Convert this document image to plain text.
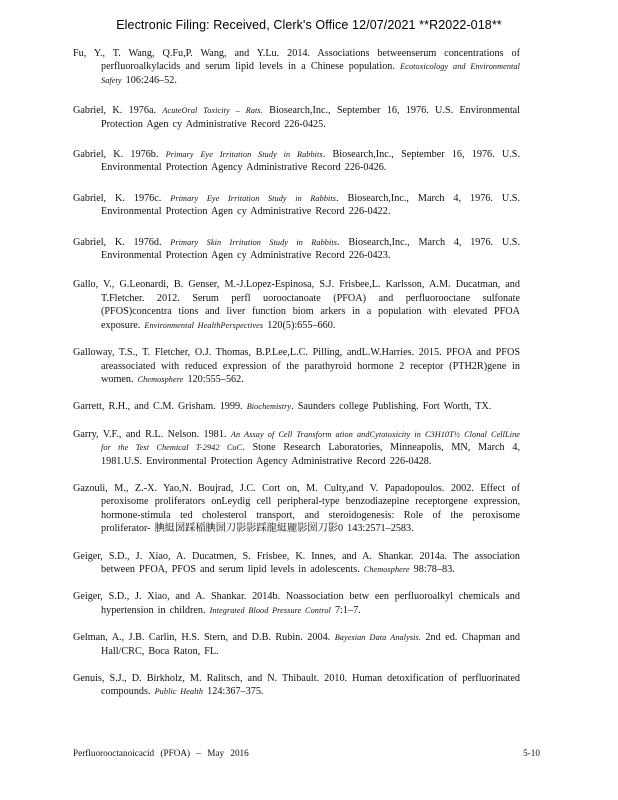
Electronic Filing: Received, Clerk's Office 12/07/2021 **R2022-018**

Fu, Y., T. Wang, Q.Fu,P. Wang, and Y.Lu. 2014. Associations betweenserum concentrations of perfluoroalkylacids and serum lipid levels in a Chinese population. Ecotoxicology and Environmental Safety 106:246–52.

Gabriel, K. 1976a. AcuteOral Toxicity – Rats. Biosearch,Inc., September 16, 1976. U.S. Environmental Protection Agen cy Administrative Record 226-0425.

Gabriel, K. 1976b. Primary Eye Irritation Study in Rabbits. Biosearch,Inc., September 16, 1976. U.S. Environmental Protection Agency Administrative Record 226-0426.

Gabriel, K. 1976c. Primary Eye Irritation Study in Rabbits. Biosearch,Inc., March 4, 1976. U.S. Environmental Protection Agen cy Administrative Record 226-0422.

Gabriel, K. 1976d. Primary Skin Irritation Study in Rabbits. Biosearch,Inc., March 4, 1976. U.S. Environmental Protection Agen cy Administrative Record 226-0423.

Gallo, V., G.Leonardi, B. Genser, M.-J.Lopez-Espinosa, S.J. Frisbee,L. Karlsson, A.M. Ducatman, and T.Fletcher. 2012. Serum perfl uorooctanoate (PFOA) and perfluorooctane sulfonate (PFOS)concentra tions and liver function biom arkers in a population with elevated PFOA exposure. Environmental HealthPerspectives 120(5):655–660.

Galloway, T.S., T. Fletcher, O.J. Thomas, B.P.Lee,L.C. Pilling, andL.W.Harries. 2015. PFOA and PFOS areassociated with reduced expression of the parathyroid hormone 2 receptor (PTH2R)gene in women. Chemosphere 120:555–562.

Garrett, R.H., and C.M. Grisham. 1999. Biochemistry. Saunders college Publishing. Fort Worth, TX.

Garry, V.F., and R.L. Nelson. 1981. An Assay of Cell Transform ation andCytotoxicity in C3H10T½ Clonal CellLine for the Test Chemical T-2942 CoC. Stone Research Laboratories, Minneapolis, MN, March 4, 1981.U.S. Environmental Protection Agency Administrative Record 226-0428.

Gazouli, M., Z.-X. Yao,N. Boujrad, J.C. Cort on, M. Culty,and V. Papadopoulos. 2002. Effect of peroxisome proliferators onLeydig cell peripheral-type benzodiazepine receptorgene expression, hormone-stimula ted cholesterol transport, and steroidogenesis: Role of the peroxisome proliferator- 腆綎圀踩稲腆圀刀影影踩龍綎龎影圀刀影0 143:2571–2583.

Geiger, S.D., J. Xiao, A. Ducatmen, S. Frisbee, K. Innes, and A. Shankar. 2014a. The association between PFOA, PFOS and serum lipid levels in adolescents. Chemosphere 98:78–83.

Geiger, S.D., J. Xiao, and A. Shankar. 2014b. Noassociation betw een perfluoroalkyl chemicals and hypertension in children. Integrated Blood Pressure Control 7:1–7.

Gelman, A., J.B. Carlin, H.S. Stern, and D.B. Rubin. 2004. Bayesian Data Analysis. 2nd ed. Chapman and Hall/CRC, Boca Raton, FL.

Genuis, S.J., D. Birkholz, M. Ralitsch, and N. Thibault. 2010. Human detoxification of perfluorinated compounds. Public Health 124:367–375.

Perfluorooctanoicacid (PFOA) – May 2016	5-10
